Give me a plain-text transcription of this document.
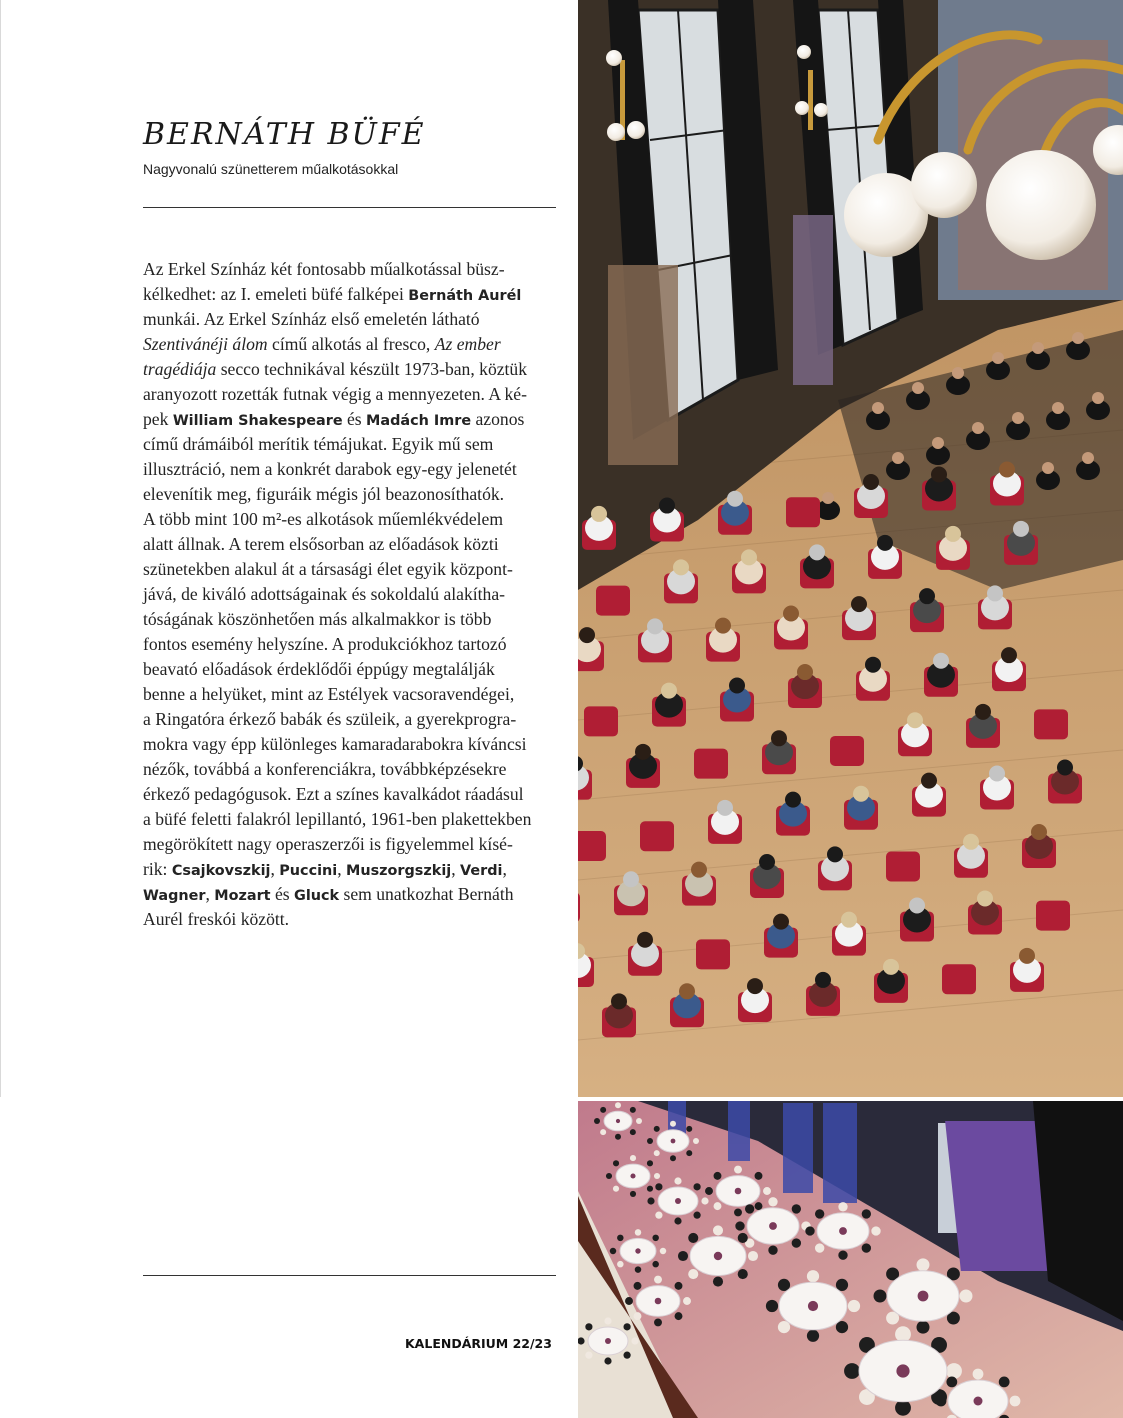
BERNÁTH BÜFÉ
Nagyvonalú szünetterem műalkotásokkal
Az Erkel Színház két fontosabb műalkotással büsz-
kélkedhet: az I. emeleti büfé falképei Bernáth Aurél
munkái. Az Erkel Színház első emeletén látható
Szentivánéji álom című alkotás al fresco, Az ember
tragédiája secco technikával készült 1973-ban, köztük
aranyozott rozetták futnak végig a mennyezeten. A ké-
pek William Shakespeare és Madách Imre azonos
című drámáiból merítik témájukat. Egyik mű sem
illusztráció, nem a konkrét darabok egy-egy jelenetét
elevenítik meg, figuráik mégis jól beazonosíthatók.
A több mint 100 m²-es alkotások műemlékvédelem
alatt állnak. A terem elsősorban az előadások közti
szünetekben alakul át a társasági élet egyik központ-
jává, de kiváló adottságainak és sokoldalú alakítha-
tóságának köszönhetően más alkalmakkor is több
fontos esemény helyszíne. A produkciókhoz tartozó
beavató előadások érdeklődői éppúgy megtalálják
benne a helyüket, mint az Estélyek vacsoravendégei,
a Ringatóra érkező babák és szüleik, a gyerekprogra-
mokra vagy épp különleges kamaradarabokra kíváncsi
nézők, továbbá a konferenciákra, továbbképzésekre
érkező pedagógusok. Ezt a színes kavalkádot ráadásul
a büfé feletti falakról lepillantó, 1961-ben plakettekben
megörökített nagy operaszerzői is figyelemmel kísé-
rik: Csajkovszkij, Puccini, Muszorgszkij, Verdi,
Wagner, Mozart és Gluck sem unatkozhat Bernáth
Aurél freskói között.
KALENDÁRIUM 22/23
